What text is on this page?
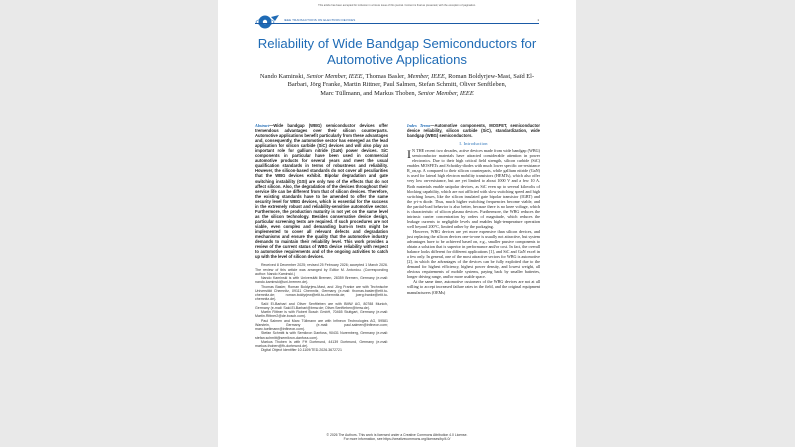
This article has been accepted for inclusion in a future issue of this journal. Content is final as presented, with the exception of pagination.
IEEE TRANSACTIONS ON ELECTRON DEVICES	1
Reliability of Wide Bandgap Semiconductors for Automotive Applications
Nando Kaminski, Senior Member, IEEE, Thomas Basler, Member, IEEE, Roman Boldyrjew-Mast, Saïd El-Barbari, Jörg Franke, Martin Rittner, Paul Salmen, Stefan Schmitt, Oliver Senftleben,
Marc Tüllmann, and Markus Thoben, Senior Member, IEEE
Abstract—Wide bandgap (WBG) semiconductor devices offer tremendous advantages over their silicon counterparts. Automotive applications benefit particularly from these advantages and, consequently, the automotive sector has emerged as the lead application for silicon carbide (SiC) devices and will also play an important role for gallium nitride (GaN) power devices. SiC components in particular have been used in commercial automotive products for several years and meet the usual qualification standards in terms of robustness and reliability. However, the silicon-based standards do not cover all peculiarities that the WBG devices exhibit. Bipolar degradation and gate switching instability (GSI) are only two of the effects that do not affect silicon. Also, the degradation of the devices throughout their service life can be different from that of silicon devices. Therefore, the existing standards have to be amended to offer the same security level for WBG devices, which is essential for the success in the extremely robust and reliability-sensitive automotive sector. Furthermore, the production maturity is not yet on the same level as the silicon technology. Besides conservative device design, particular screening tests are required. If such procedures are not viable, even complex and demanding burn-in tests might be implemented to cover all relevant defects and degradation mechanisms and ensure the quality that the automotive industry demands to maintain their reliability level. This work provides a review of the current status of WBG device reliability with respect to automotive requirements and of the ongoing activities to catch up with the level of silicon devices.

Received 8 December 2025; revised 25 February 2026; accepted 1 March 2026. The review of this article was arranged by Editor M. Antoniou. (Corresponding author: Nando Kaminski.)

Nando Kaminski is with Universität Bremen, 28359 Bremen, Germany (e-mail: nando.kaminski@uni-bremen.de).

Thomas Basler, Roman Boldyrjew-Mast, and Jörg Franke are with Technische Universität Chemnitz, 09111 Chemnitz, Germany (e-mail: thomas.basler@etit.tu-chemnitz.de; roman.boldyrjew@etit.tu-chemnitz.de; joerg.franke@etit.tu-chemnitz.de).

Saïd El-Barbari and Oliver Senftleben are with BMW AG, 80788 Munich, Germany (e-mail: Said.El-Barbari@bmw.de; Oliver.Senftleben@bmw.de).

Martin Rittner is with Robert Bosch GmbH, 70465 Stuttgart, Germany (e-mail: Martin.Rittner2@de.bosch.com).

Paul Salmen and Marc Tüllmann are with Infineon Technologies AG, 59581 Warstein, Germany (e-mail: paul.salmen@infineon.com; marc.tuellmann@infineon.com).

Stefan Schmitt is with Semikron Danfoss, 90431 Nuremberg, Germany (e-mail: stefan.schmitt@semikron-danfoss.com).

Markus Thoben is with FH Dortmund, 44139 Dortmund, Germany (e-mail: markus.thoben@fh-dortmund.de).

Digital Object Identifier 10.1109/TED.2026.3672721

Index Terms—Automotive components, MOSFET, semiconductor device reliability, silicon carbide (SiC), standardization, wide bandgap (WBG) semiconductors.
I. Introduction

I N THE recent two decades, active devices made from wide bandgap (WBG) semiconductor materials have attracted considerable attention in power electronics. Due to their high critical field strength, silicon carbide (SiC) enables MOSFETs and Schottky-diodes with much lower specific on-resistance R_on,sp. A compared to their silicon counterparts, while gallium nitride (GaN) is used for lateral high electron mobility transistors (HEMTs), which also offer very low on-resistance, but are yet limited to about 1000 V and a few 10 A. Both materials enable unipolar devices, as SiC even up to several kilovolts of blocking capability, which are not afflicted with slow switching speed and high switching losses, like the silicon insulated gate bipolar transistor (IGBT) and the p-i-n diode. Thus, much higher switching frequencies become viable, and the partial-load behavior is also better, because there is no knee voltage, which is characteristic of silicon plasma devices. Furthermore, the WBG reduces the intrinsic carrier concentration by orders of magnitude, which reduces the leakage currents to negligible levels and enables high-temperature operation well beyond 200°C, limited rather by the packaging.

However, WBG devices are yet more expensive than silicon devices, and just replacing the silicon devices one-to-one is usually not attractive, but system advantages have to be achieved based on, e.g., smaller passive components to obtain a solution that is superior in performance and/or cost. In fact, the overall balance looks different for different applications [1], and SiC and GaN excel in a few only. In general, one of the most attractive sectors for WBG is automotive [2], in which the advantages of the devices can be fully exploited due to the demand for highest efficiency, highest power density, and lowest weight, all obvious requirements of mobile systems, paying back by smaller batteries, longer driving range, and/or more usable space.

At the same time, automotive customers of the WBG devices are not at all willing to accept increased failure rates in the field, and the original equipment manufacturers (OEMs)

© 2026 The Authors. This work is licensed under a Creative Commons Attribution 4.0 License.
For more information, see https://creativecommons.org/licenses/by/4.0/
